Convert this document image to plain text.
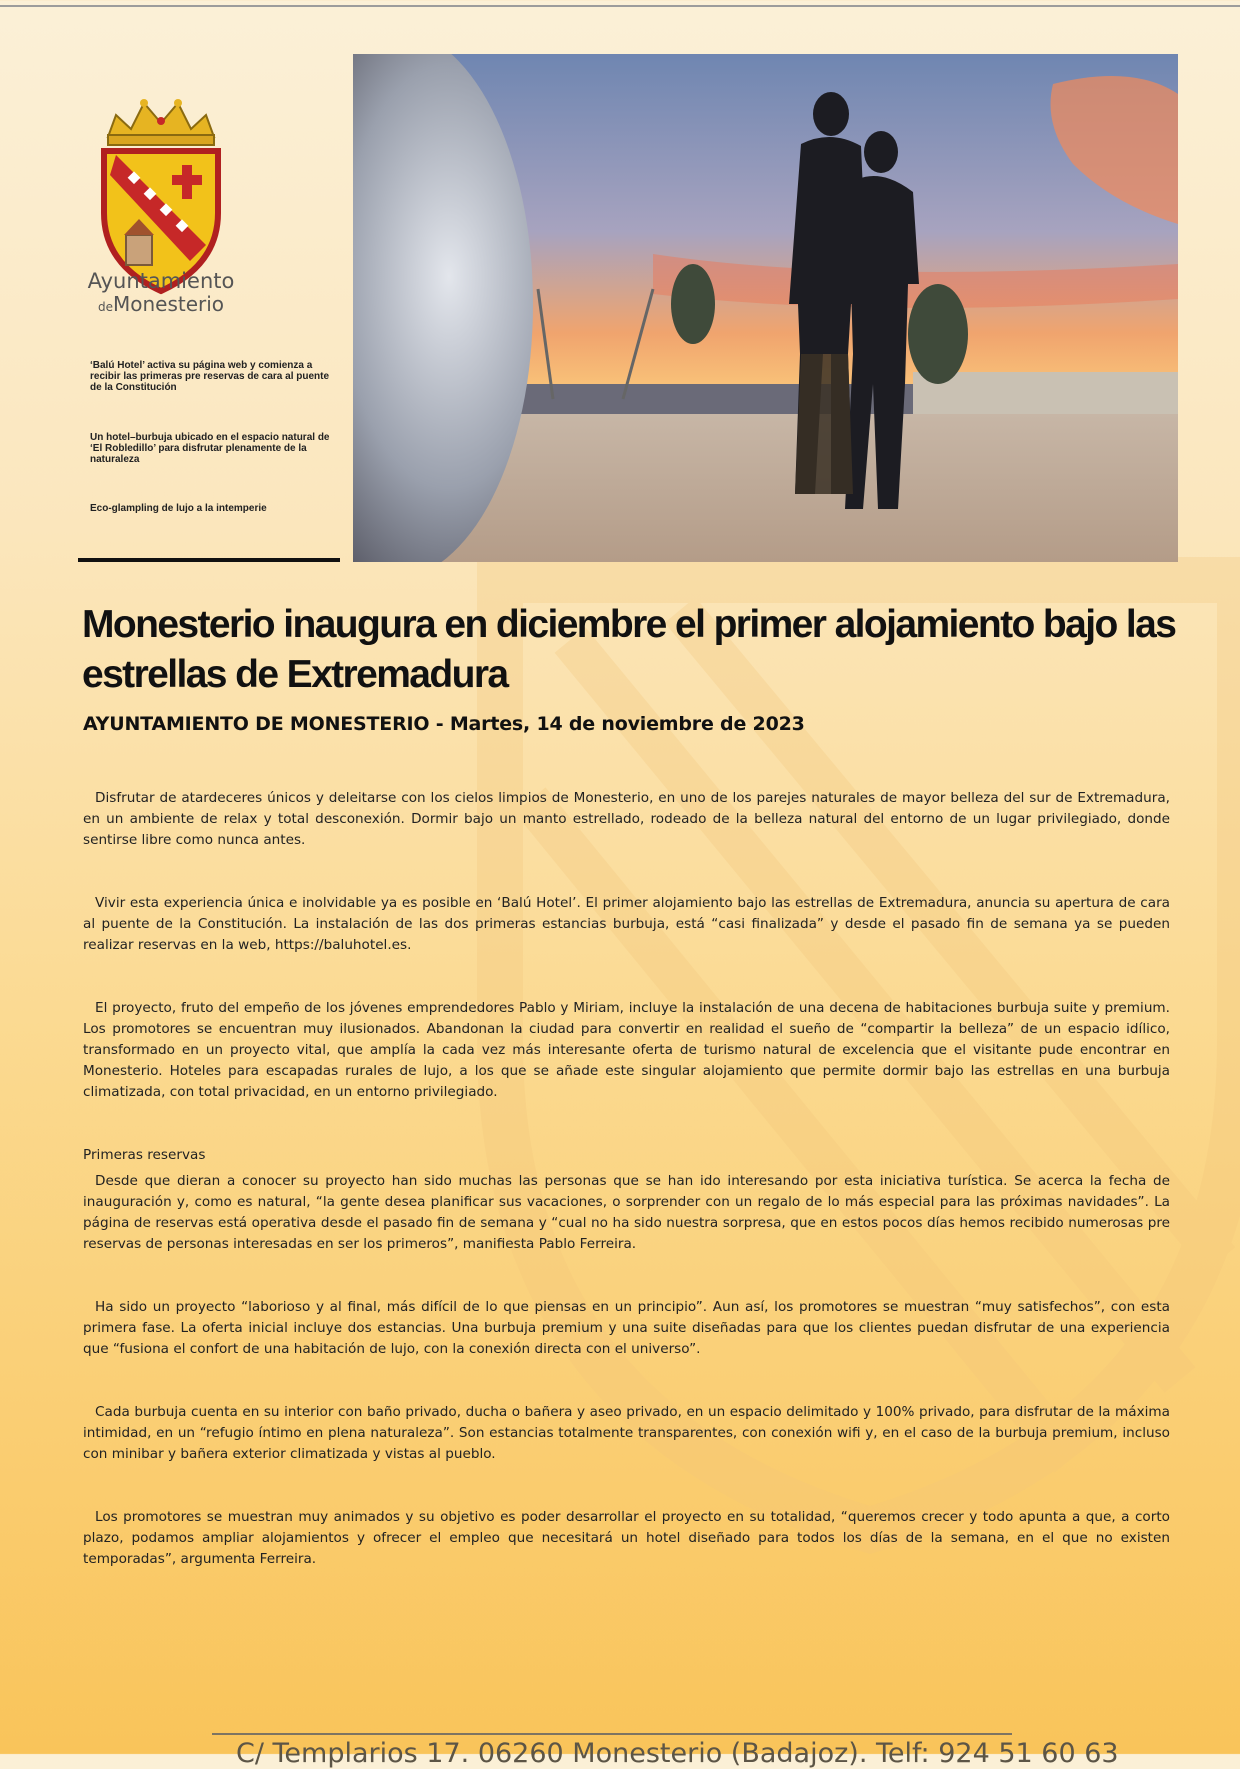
Ayuntamiento
deMonesterio

‘Balú Hotel’ activa su página web y comienza a recibir las primeras pre reservas de cara al puente de la Constitución

Un hotel–burbuja ubicado en el espacio natural de ‘El Robledillo’ para disfrutar plenamente de la naturaleza

Eco-glampling de lujo a la intemperie

Monesterio inaugura en diciembre el primer alojamiento bajo las estrellas de Extremadura

AYUNTAMIENTO DE MONESTERIO - Martes, 14 de noviembre de 2023

Disfrutar de atardeceres únicos y deleitarse con los cielos limpios de Monesterio, en uno de los parejes naturales de mayor belleza del sur de Extremadura, en un ambiente de relax y total desconexión. Dormir bajo un manto estrellado, rodeado de la belleza natural del entorno de un lugar privilegiado, donde sentirse libre como nunca antes.

Vivir esta experiencia única e inolvidable ya es posible en ‘Balú Hotel’. El primer alojamiento bajo las estrellas de Extremadura, anuncia su apertura de cara al puente de la Constitución. La instalación de las dos primeras estancias burbuja, está “casi finalizada” y desde el pasado fin de semana ya se pueden realizar reservas en la web, https://baluhotel.es.

El proyecto, fruto del empeño de los jóvenes emprendedores Pablo y Miriam, incluye la instalación de una decena de habitaciones burbuja suite y premium. Los promotores se encuentran muy ilusionados. Abandonan la ciudad para convertir en realidad el sueño de “compartir la belleza” de un espacio idílico, transformado en un proyecto vital, que amplía la cada vez más interesante oferta de turismo natural de excelencia que el visitante pude encontrar en Monesterio. Hoteles para escapadas rurales de lujo, a los que se añade este singular alojamiento que permite dormir bajo las estrellas en una burbuja climatizada, con total privacidad, en un entorno privilegiado.

Primeras reservas

Desde que dieran a conocer su proyecto han sido muchas las personas que se han ido interesando por esta iniciativa turística. Se acerca la fecha de inauguración y, como es natural, “la gente desea planificar sus vacaciones, o sorprender con un regalo de lo más especial para las próximas navidades”. La página de reservas está operativa desde el pasado fin de semana y “cual no ha sido nuestra sorpresa, que en estos pocos días hemos recibido numerosas pre reservas de personas interesadas en ser los primeros”, manifiesta Pablo Ferreira.

Ha sido un proyecto “laborioso y al final, más difícil de lo que piensas en un principio”. Aun así, los promotores se muestran “muy satisfechos”, con esta primera fase. La oferta inicial incluye dos estancias. Una burbuja premium y una suite diseñadas para que los clientes puedan disfrutar de una experiencia que “fusiona el confort de una habitación de lujo, con la conexión directa con el universo”.

Cada burbuja cuenta en su interior con baño privado, ducha o bañera y aseo privado, en un espacio delimitado y 100% privado, para disfrutar de la máxima intimidad, en un “refugio íntimo en plena naturaleza”. Son estancias totalmente transparentes, con conexión wifi y, en el caso de la burbuja premium, incluso con minibar y bañera exterior climatizada y vistas al pueblo.

Los promotores se muestran muy animados y su objetivo es poder desarrollar el proyecto en su totalidad, “queremos crecer y todo apunta a que, a corto plazo, podamos ampliar alojamientos y ofrecer el empleo que necesitará un hotel diseñado para todos los días de la semana, en el que no existen temporadas”, argumenta Ferreira.

C/ Templarios 17. 06260 Monesterio (Badajoz). Telf: 924 51 60 63
